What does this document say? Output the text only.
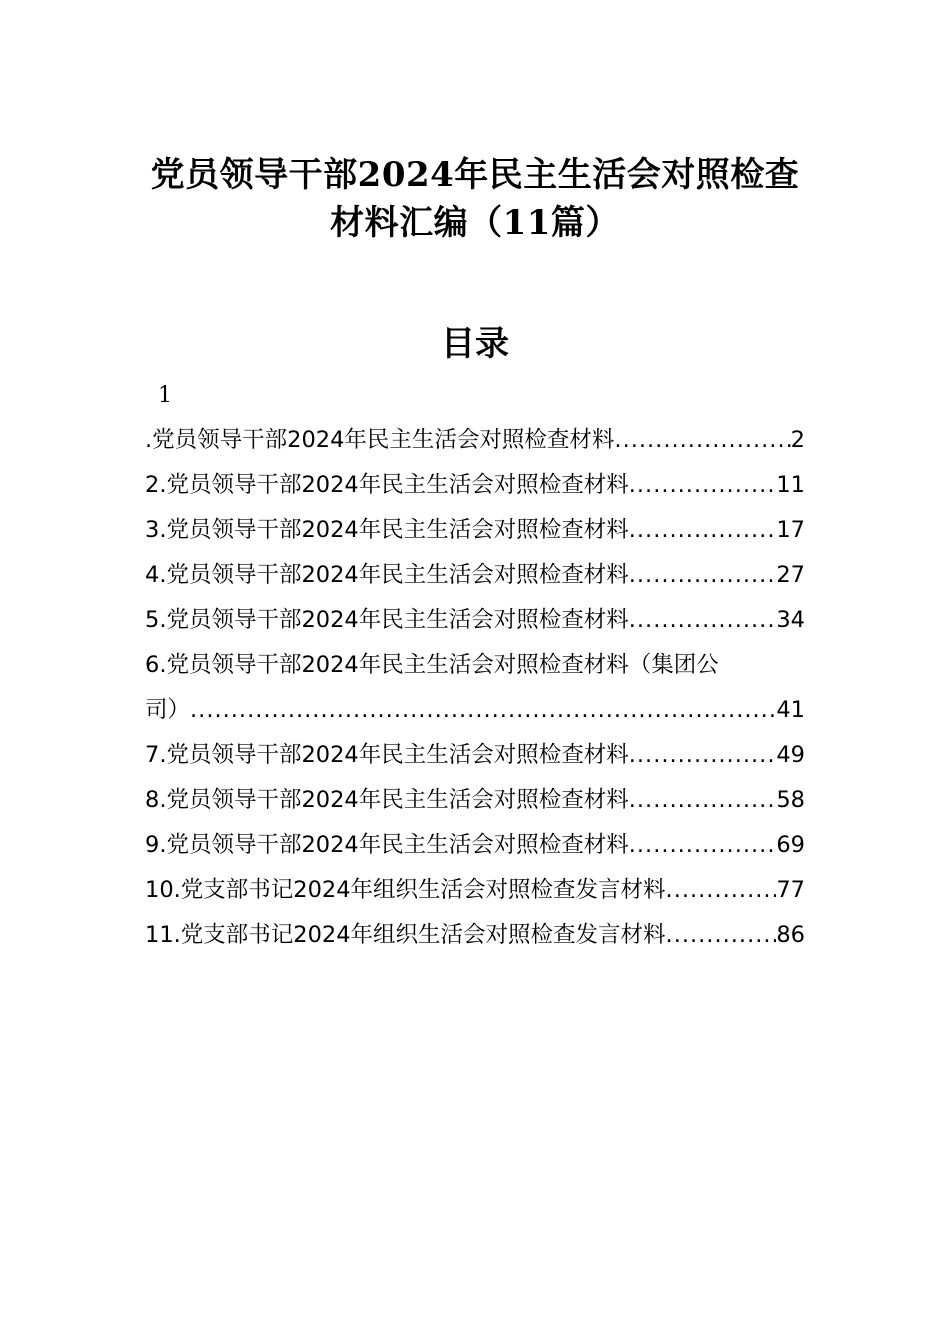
党员领导干部2024年民主生活会对照检查
材料汇编（11篇）
目录
1
.党员领导干部2024年民主生活会对照检查材料 .....	2
2.党员领导干部2024年民主生活会对照检查材料 .....	11
3.党员领导干部2024年民主生活会对照检查材料 .....	17
4.党员领导干部2024年民主生活会对照检查材料 .....	27
5.党员领导干部2024年民主生活会对照检查材料 .....	34
6.党员领导干部2024年民主生活会对照检查材料（集团公
司） .....	41
7.党员领导干部2024年民主生活会对照检查材料 .....	49
8.党员领导干部2024年民主生活会对照检查材料 .....	58
9.党员领导干部2024年民主生活会对照检查材料 .....	69
10.党支部书记2024年组织生活会对照检查发言材料 .....	77
11.党支部书记2024年组织生活会对照检查发言材料 .....	86
